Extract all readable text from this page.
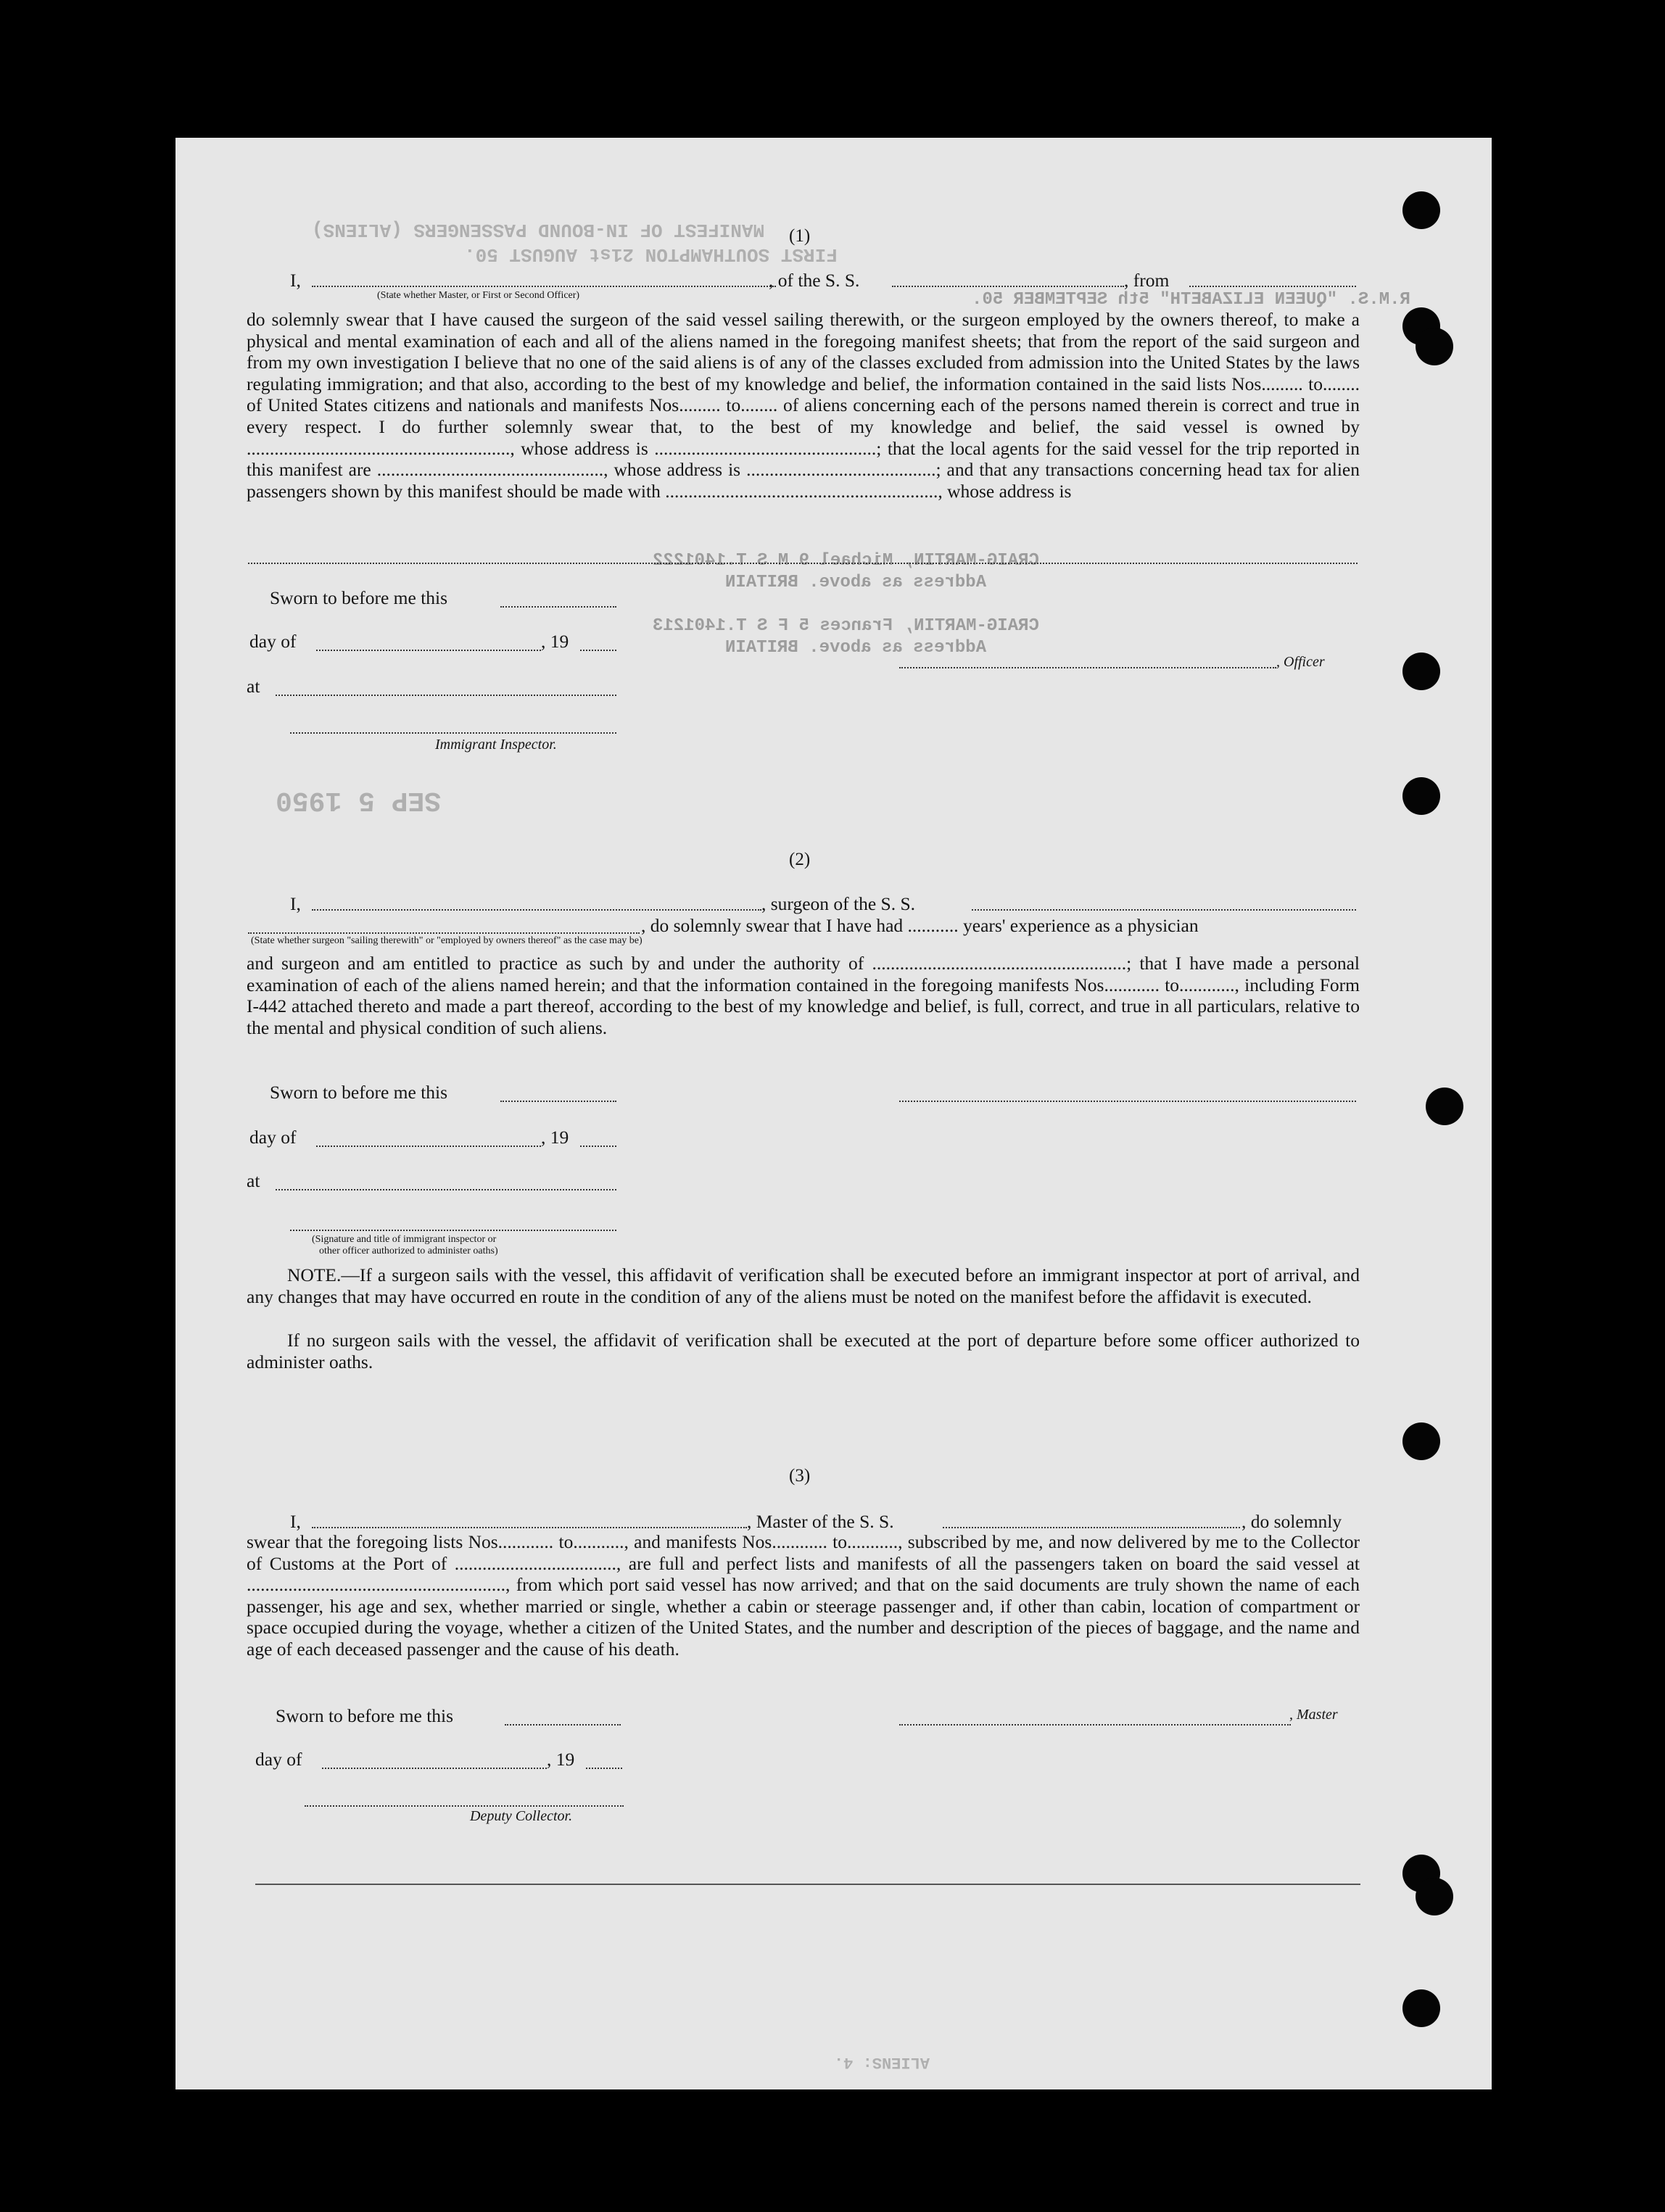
MANIFEST OF IN-BOUND PASSENGERS (ALIENS)
FIRST SOUTHAMPTON 21st AUGUST 50.
R.M.S. "QUEEN ELIZABETH" 5th SEPTEMBER 50.
CRAIG-MARTIN, Michael 9 M S T.1401222
Address as above. BRITAIN
CRAIG-MARTIN, Frances 5 F S T.1401213
Address as above. BRITAIN
SEP 5 1950
ALIENS: 4.
(1)
I,	, of the S. S.	, from
(State whether Master, or First or Second Officer)
do solemnly swear that I have caused the surgeon of the said vessel sailing therewith, or the surgeon employed by the owners thereof, to make a physical and mental examination of each and all of the aliens named in the foregoing manifest sheets; that from the report of the said surgeon and from my own investigation I believe that no one of the said aliens is of any of the classes excluded from admission into the United States by the laws regulating immigration; and that also, according to the best of my knowledge and belief, the information contained in the said lists Nos......... to........ of United States citizens and nationals and manifests Nos......... to........ of aliens concerning each of the persons named therein is correct and true in every respect. I do further solemnly swear that, to the best of my knowledge and belief, the said vessel is owned by ........................................................., whose address is ................................................; that the local agents for the said vessel for the trip reported in this manifest are ................................................., whose address is .........................................; and that any transactions concerning head tax for alien passengers shown by this manifest should be made with ..........................................................., whose address is
Sworn to before me this
day of	, 19
at
, Officer
Immigrant Inspector.
(2)
I,	, surgeon of the S. S.
, do solemnly swear that I have had ........... years' experience as a physician
(State whether surgeon "sailing therewith" or "employed by owners thereof" as the case may be)
and surgeon and am entitled to practice as such by and under the authority of .......................................................; that I have made a personal examination of each of the aliens named herein; and that the information contained in the foregoing manifests Nos............ to............, including Form I-442 attached thereto and made a part thereof, according to the best of my knowledge and belief, is full, correct, and true in all particulars, relative to the mental and physical condition of such aliens.
Sworn to before me this
day of	, 19
at
(Signature and title of immigrant inspector or
other officer authorized to administer oaths)
NOTE.—If a surgeon sails with the vessel, this affidavit of verification shall be executed before an immigrant inspector at port of arrival, and any changes that may have occurred en route in the condition of any of the aliens must be noted on the manifest before the affidavit is executed.
If no surgeon sails with the vessel, the affidavit of verification shall be executed at the port of departure before some officer authorized to administer oaths.
(3)
I,	, Master of the S. S.	, do solemnly
swear that the foregoing lists Nos............ to..........., and manifests Nos............ to..........., subscribed by me, and now delivered by me to the Collector of Customs at the Port of ..................................., are full and perfect lists and manifests of all the passengers taken on board the said vessel at ........................................................, from which port said vessel has now arrived; and that on the said documents are truly shown the name of each passenger, his age and sex, whether married or single, whether a cabin or steerage passenger and, if other than cabin, location of compartment or space occupied during the voyage, whether a citizen of the United States, and the number and description of the pieces of baggage, and the name and age of each deceased passenger and the cause of his death.
Sworn to before me this	, Master
day of	, 19
Deputy Collector.
